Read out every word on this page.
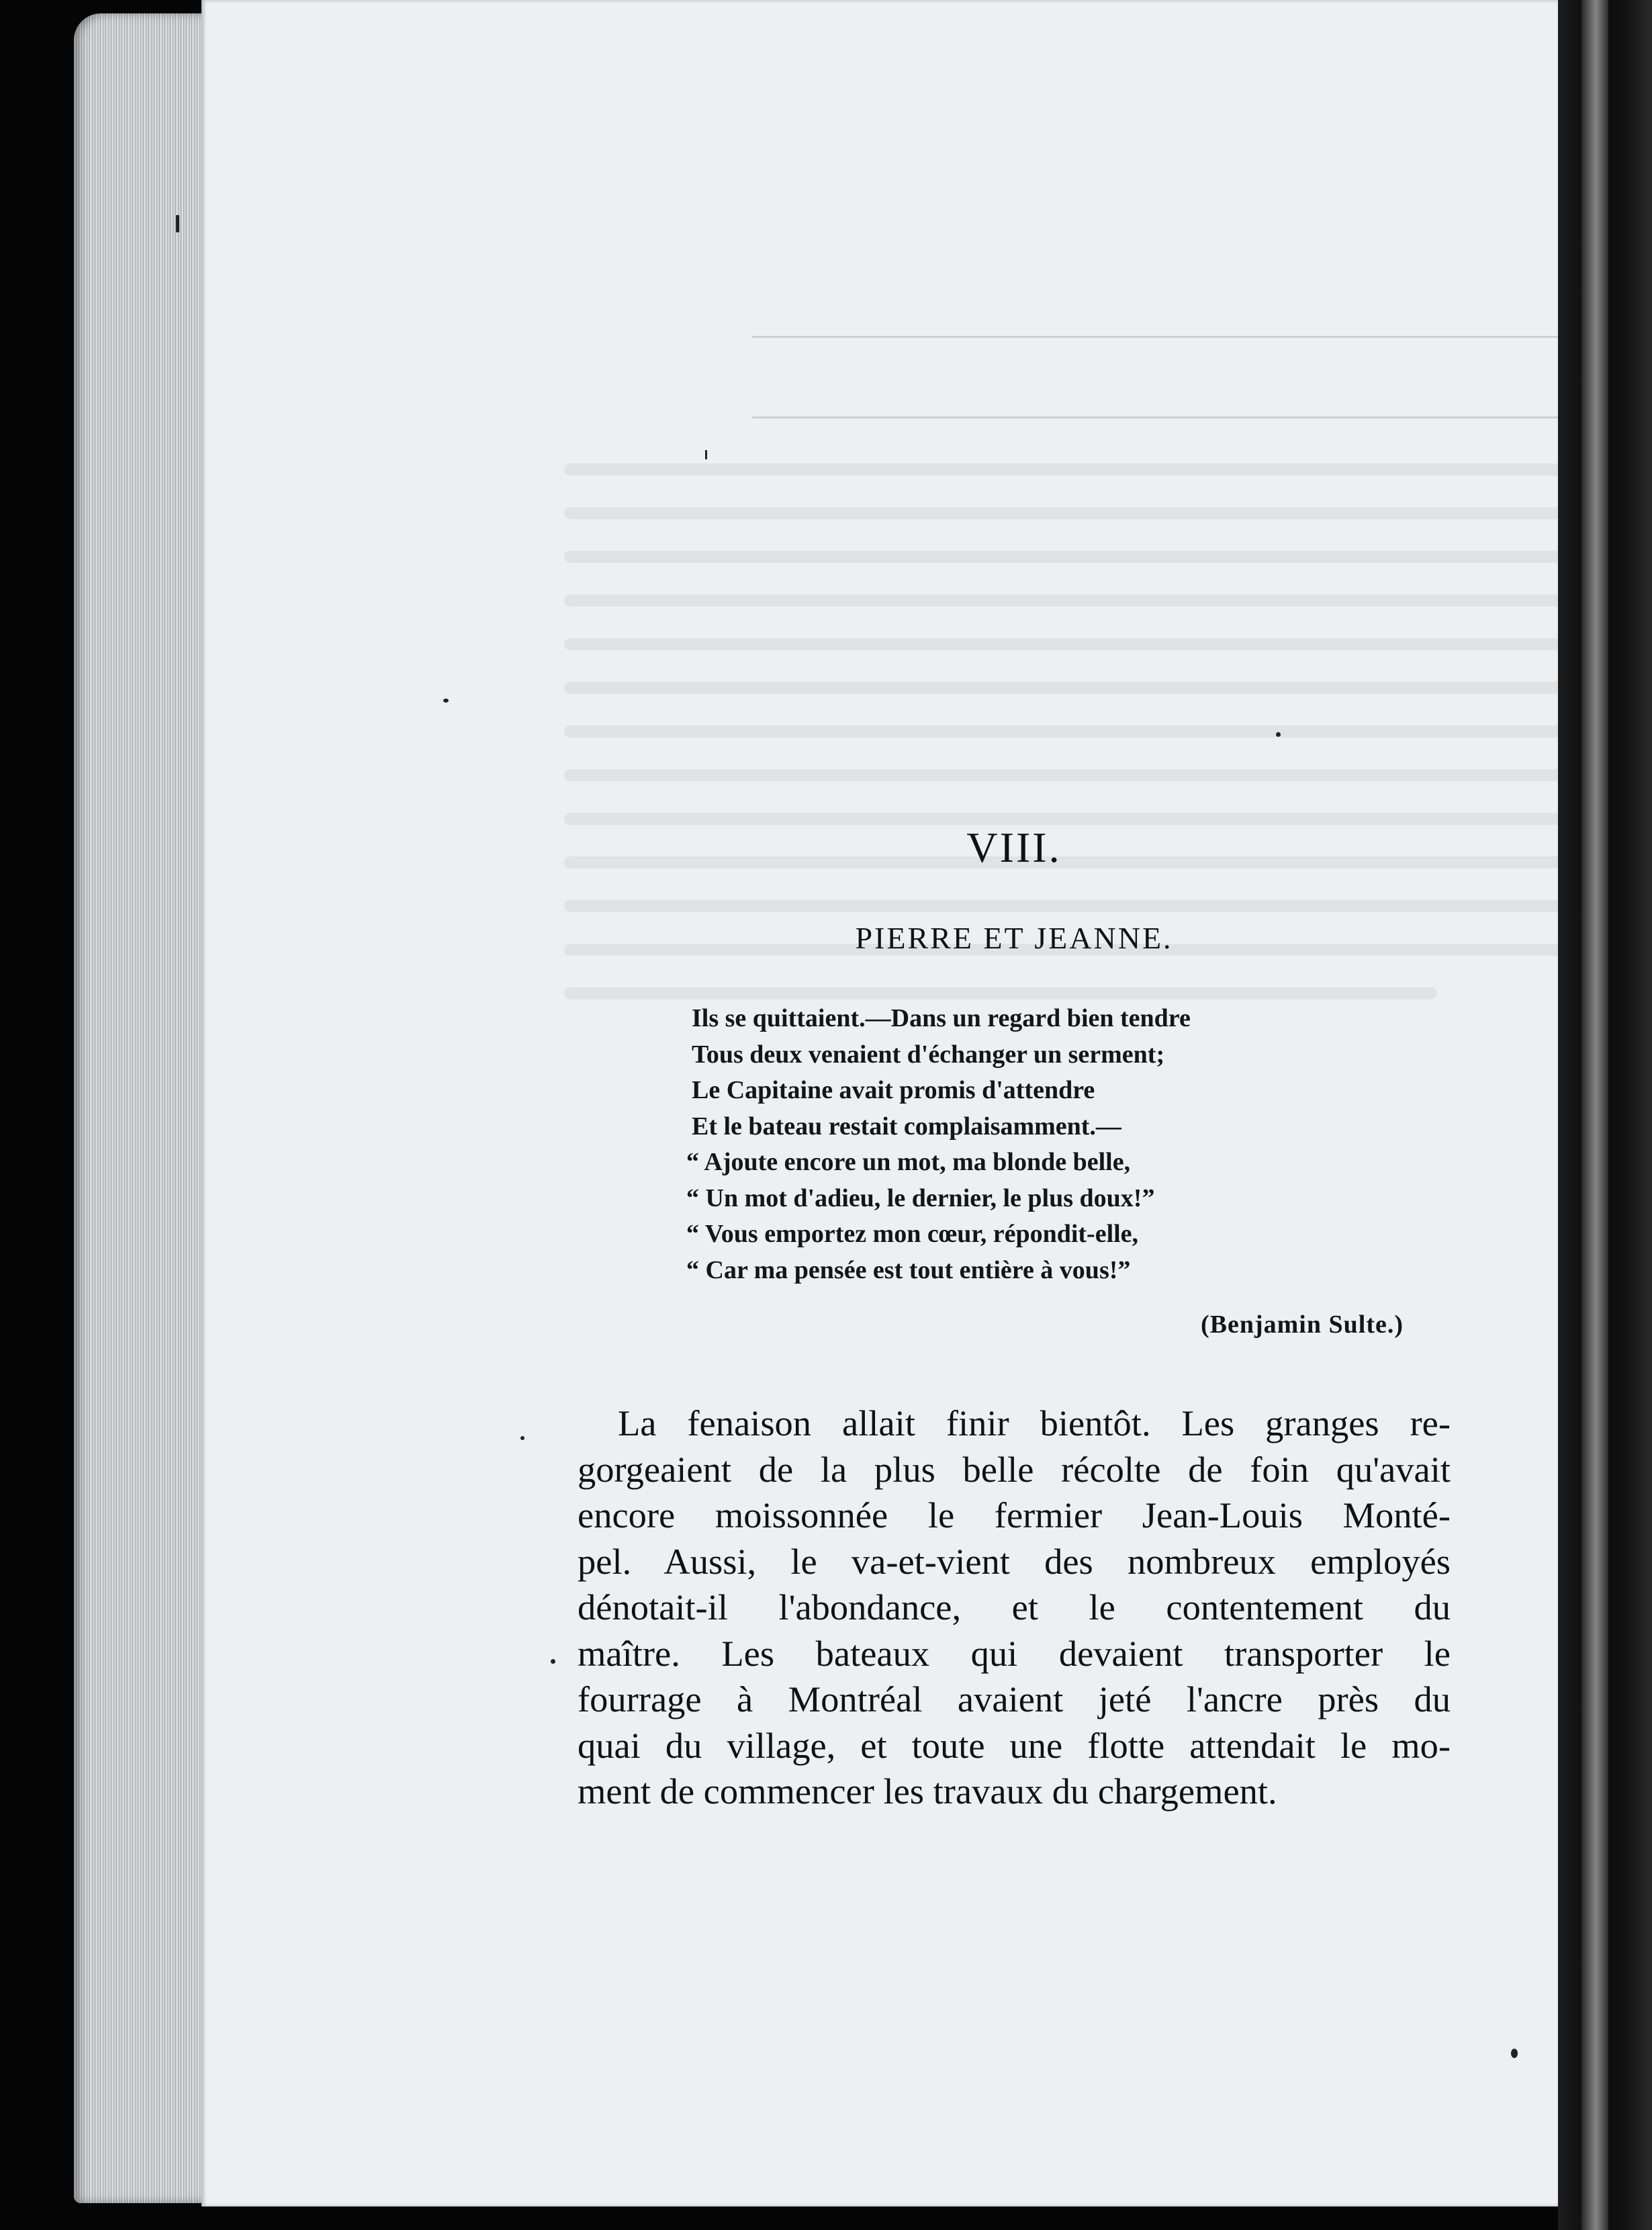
VIII.
PIERRE ET JEANNE.
Ils se quittaient.—Dans un regard bien tendre
Tous deux venaient d'échanger un serment;
Le Capitaine avait promis d'attendre
Et le bateau restait complaisamment.—
“ Ajoute encore un mot, ma blonde belle,
“ Un mot d'adieu, le dernier, le plus doux!”
“ Vous emportez mon cœur, répondit-elle,
“ Car ma pensée est tout entière à vous!”
(Benjamin Sulte.)

La fenaison allait finir bientôt. Les granges re-
gorgeaient de la plus belle récolte de foin qu'avait
encore moissonnée le fermier Jean-Louis Monté-
pel. Aussi, le va-et-vient des nombreux employés
dénotait-il l'abondance, et le contentement du
maître. Les bateaux qui devaient transporter le
fourrage à Montréal avaient jeté l'ancre près du
quai du village, et toute une flotte attendait le mo-
ment de commencer les travaux du chargement.
